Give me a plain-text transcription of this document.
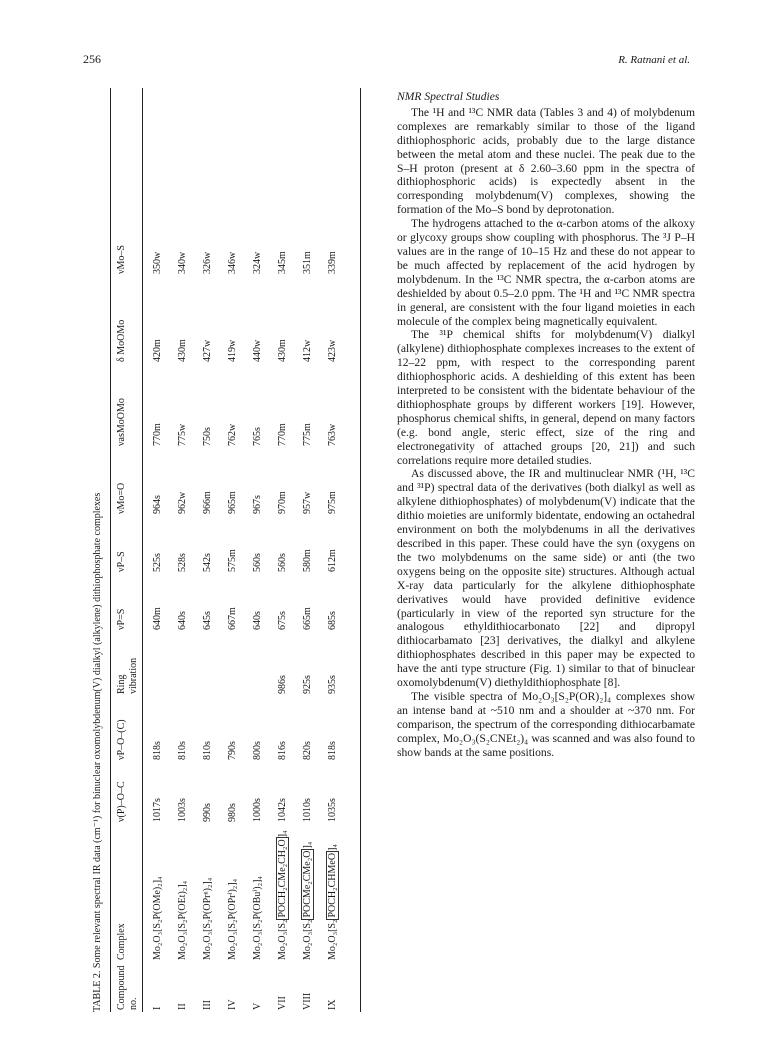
256	R. Ratnani et al.
TABLE 2. Some relevant spectral IR data (cm⁻¹) for binuclear oxomolybdenum(V) dialkyl (alkylene) dithiophosphate complexes Compound no.
Complex
ν(P)–O–C
νP–O–(C)
Ring vibration
νP=S
νP–S
νMo=O
νasMoOMo
δ MoOMo
νMo–S
I
Mo₂O₃[S₂P(OMe)₂]₄
1017s
818s
640m
525s
964s
770m
420m
350w
II
Mo₂O₃[S₂P(OEt)₂]₄
1003s
810s
640s
528s
962w
775w
430m
340w
III
Mo₂O₃[S₂P(OPrⁿ)₂]₄
990s
810s
645s
542s
966m
750s
427w
326w
IV
Mo₂O₃[S₂P(OPrⁱ)₂]₄
980s
790s
667m
575m
965m
762w
419w
346w
V
Mo₂O₃[S₂P(OBuⁱ)₂]₄
1000s
800s
640s
560s
967s
765s
440w
324w
VII
Mo₂O₃[S₂POCH₂CMe₂CH₂O]₄
1042s
816s
986s
675s
560s
970m
770m
430m
345m
VIII
Mo₂O₃[S₂POCMe₂CMe₂O]₄
1010s
820s
925s
665m
580m
957w
775m
412w
351m
IX
Mo₂O₃[S₂POCH₂CHMeO]₄
1035s
818s
935s
685s
612m
975m
763w
423w
339m
NMR Spectral Studies

The ¹H and ¹³C NMR data (Tables 3 and 4) of molybdenum complexes are remarkably similar to those of the ligand dithiophosphoric acids, probably due to the large distance between the metal atom and these nuclei. The peak due to the S–H proton (present at δ 2.60–3.60 ppm in the spectra of dithiophosphoric acids) is expectedly absent in the corresponding molybdenum(V) complexes, showing the formation of the Mo–S bond by deprotonation.

The hydrogens attached to the α-carbon atoms of the alkoxy or glycoxy groups show coupling with phosphorus. The ³J P–H values are in the range of 10–15 Hz and these do not appear to be much affected by replacement of the acid hydrogen by molybdenum. In the ¹³C NMR spectra, the α-carbon atoms are deshielded by about 0.5–2.0 ppm. The ¹H and ¹³C NMR spectra in general, are consistent with the four ligand moieties in each molecule of the complex being magnetically equivalent.

The ³¹P chemical shifts for molybdenum(V) dialkyl (alkylene) dithiophosphate complexes increases to the extent of 12–22 ppm, with respect to the corresponding parent dithiophosphoric acids. A deshielding of this extent has been interpreted to be consistent with the bidentate behaviour of the dithiophosphate groups by different workers [19]. However, phosphorus chemical shifts, in general, depend on many factors (e.g. bond angle, steric effect, size of the ring and electronegativity of attached groups [20, 21]) and such correlations require more detailed studies.

As discussed above, the IR and multinuclear NMR (¹H, ¹³C and ³¹P) spectral data of the derivatives (both dialkyl as well as alkylene dithiophosphates) of molybdenum(V) indicate that the dithio moieties are uniformly bidentate, endowing an octahedral environment on both the molybdenums in all the derivatives described in this paper. These could have the syn (oxygens on the two molybdenums on the same side) or anti (the two oxygens being on the opposite site) structures. Although actual X-ray data particularly for the alkylene dithiophosphate derivatives would have provided definitive evidence (particularly in view of the reported syn structure for the analogous ethyldithiocarbonato [22] and dipropyl dithiocarbamato [23] derivatives, the dialkyl and alkylene dithiophosphates described in this paper may be expected to have the anti type structure (Fig. 1) similar to that of binuclear oxomolybdenum(V) diethyldithiophosphate [8].

The visible spectra of Mo₂O₃[S₂P(OR)₂]₄ complexes show an intense band at ~510 nm and a shoulder at ~370 nm. For comparison, the spectrum of the corresponding dithiocarbamate complex, Mo₂O₃(S₂CNEt₂)₄ was scanned and was also found to show bands at the same positions.
